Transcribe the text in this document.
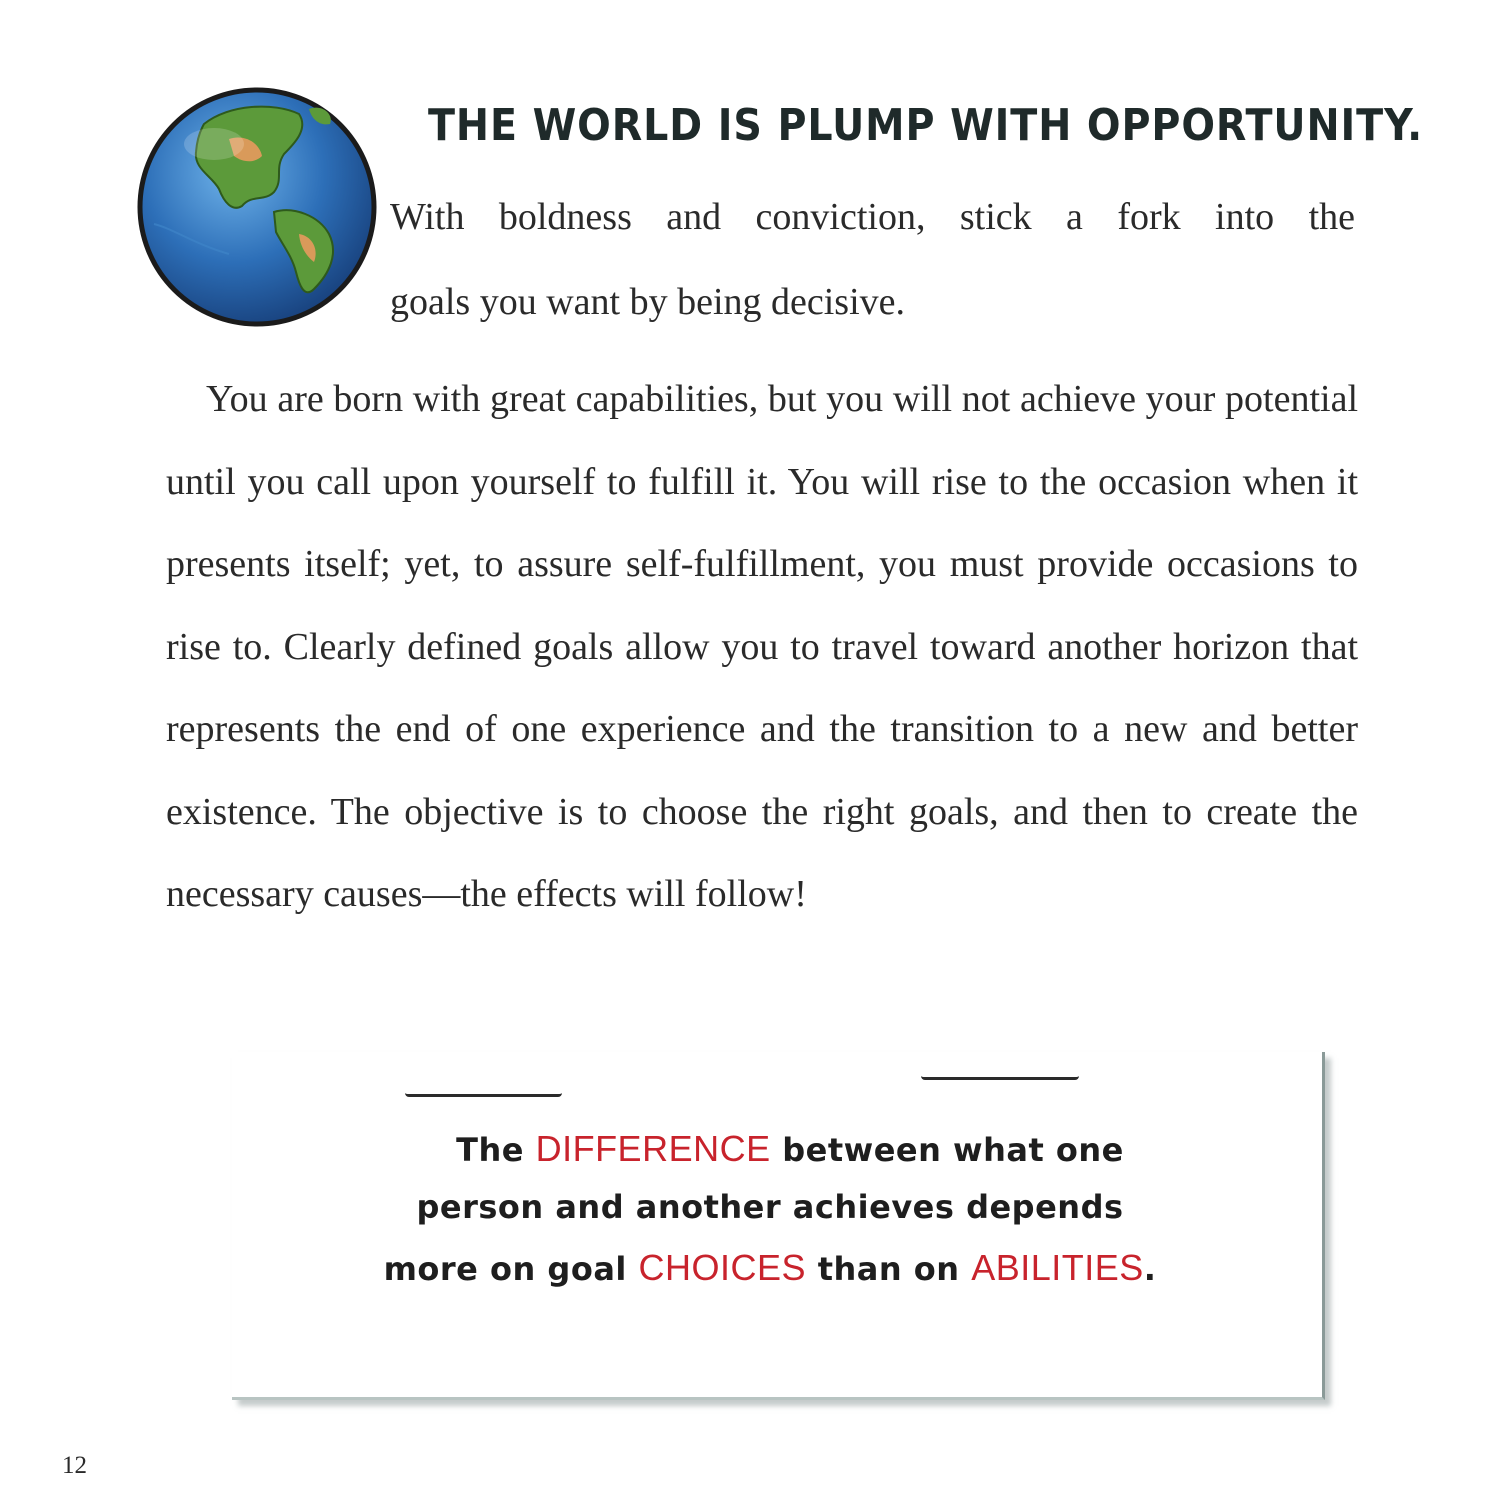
THE WORLD IS PLUMP WITH OPPORTUNITY.
With boldness and conviction, stick a fork into the
goals you want by being decisive.
You are born with great capabilities, but you will not achieve your potential until you call upon yourself to fulfill it. You will rise to the occasion when it presents itself; yet, to assure self-fulfillment, you must provide occasions to rise to. Clearly defined goals allow you to travel toward another horizon that represents the end of one experience and the transition to a new and better existence. The objective is to choose the right goals, and then to create the necessary causes—the effects will follow!
The DIFFERENCE between what one
person and another achieves depends
more on goal CHOICES than on ABILITIES.
12
